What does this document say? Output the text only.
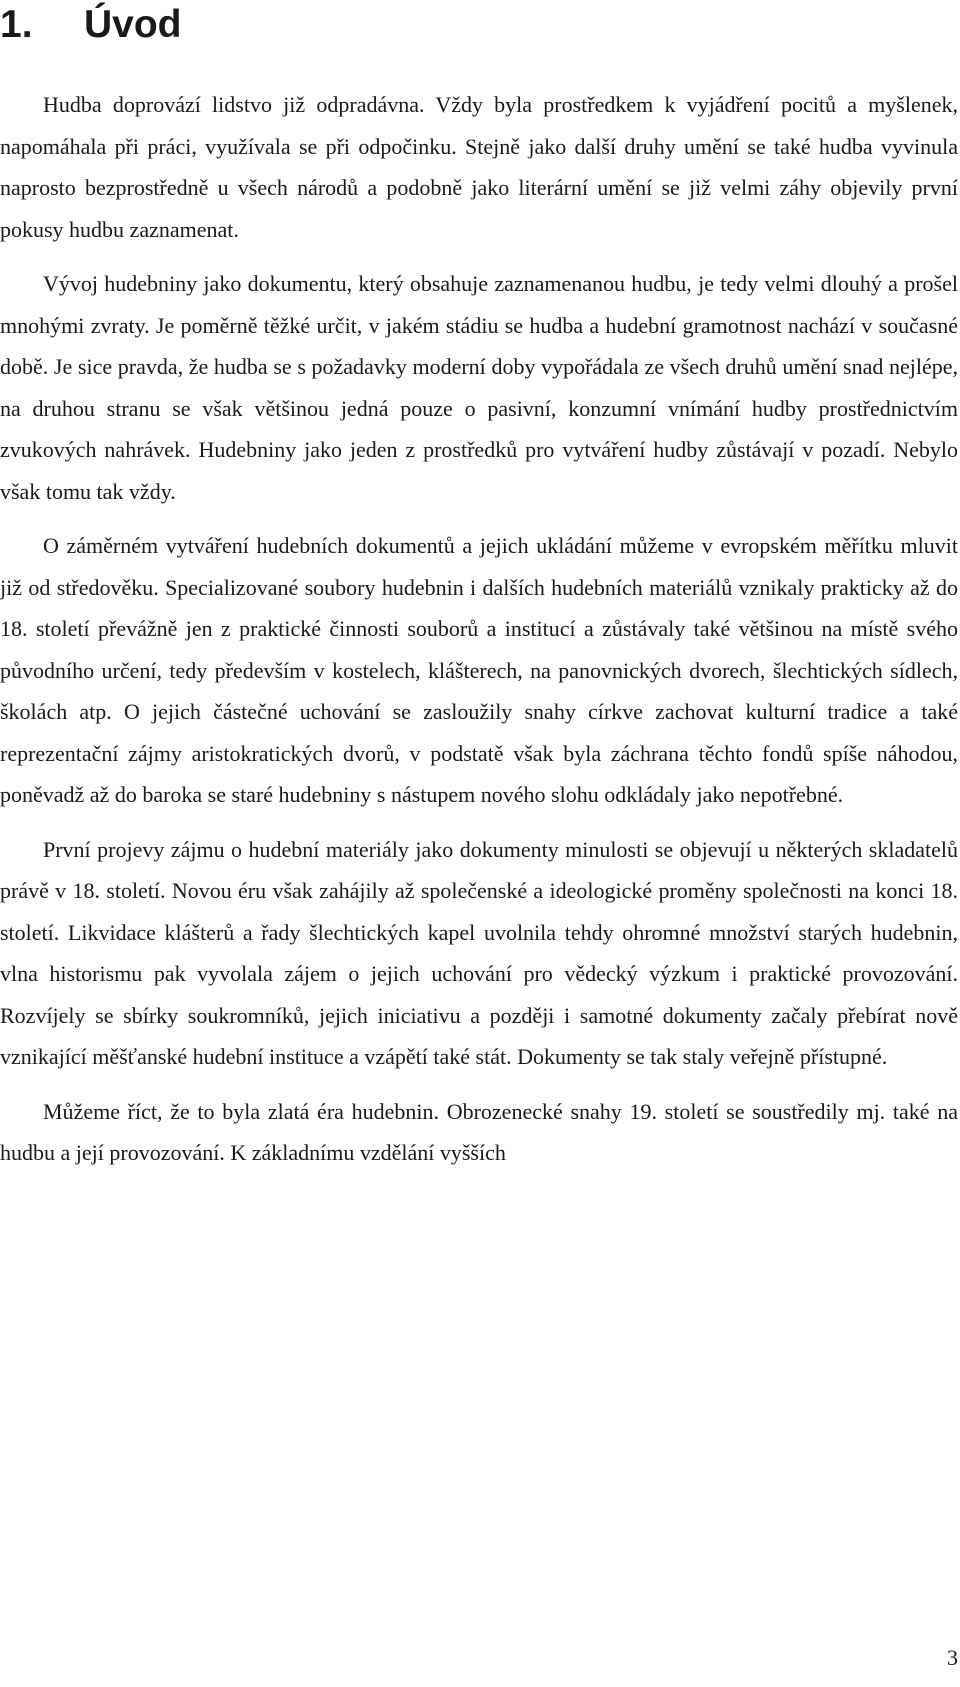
1. Úvod

Hudba doprovází lidstvo již odpradávna. Vždy byla prostředkem k vyjádření pocitů a myšlenek, napomáhala při práci, využívala se při odpočinku. Stejně jako další druhy umění se také hudba vyvinula naprosto bezprostředně u všech národů a podobně jako literární umění se již velmi záhy objevily první pokusy hudbu zaznamenat.

Vývoj hudebniny jako dokumentu, který obsahuje zaznamenanou hudbu, je tedy velmi dlouhý a prošel mnohými zvraty. Je poměrně těžké určit, v jakém stádiu se hudba a hudební gramotnost nachází v současné době. Je sice pravda, že hudba se s požadavky moderní doby vypořádala ze všech druhů umění snad nejlépe, na druhou stranu se však většinou jedná pouze o pasivní, konzumní vnímání hudby prostřednictvím zvukových nahrávek. Hudebniny jako jeden z prostředků pro vytváření hudby zůstávají v pozadí. Nebylo však tomu tak vždy.

O záměrném vytváření hudebních dokumentů a jejich ukládání můžeme v evropském měřítku mluvit již od středověku. Specializované soubory hudebnin i dalších hudebních materiálů vznikaly prakticky až do 18. století převážně jen z praktické činnosti souborů a institucí a zůstávaly také většinou na místě svého původního určení, tedy především v kostelech, klášterech, na panovnických dvorech, šlechtických sídlech, školách atp. O jejich částečné uchování se zasloužily snahy církve zachovat kulturní tradice a také reprezentační zájmy aristokratických dvorů, v podstatě však byla záchrana těchto fondů spíše náhodou, poněvadž až do baroka se staré hudebniny s nástupem nového slohu odkládaly jako nepotřebné.

První projevy zájmu o hudební materiály jako dokumenty minulosti se objevují u některých skladatelů právě v 18. století. Novou éru však zahájily až společenské a ideologické proměny společnosti na konci 18. století. Likvidace klášterů a řady šlechtických kapel uvolnila tehdy ohromné množství starých hudebnin, vlna historismu pak vyvolala zájem o jejich uchování pro vědecký výzkum i praktické provozování. Rozvíjely se sbírky soukromníků, jejich iniciativu a později i samotné dokumenty začaly přebírat nově vznikající měšťanské hudební instituce a vzápětí také stát. Dokumenty se tak staly veřejně přístupné.

Můžeme říct, že to byla zlatá éra hudebnin. Obrozenecké snahy 19. století se soustředily mj. také na hudbu a její provozování. K základnímu vzdělání vyšších

3
